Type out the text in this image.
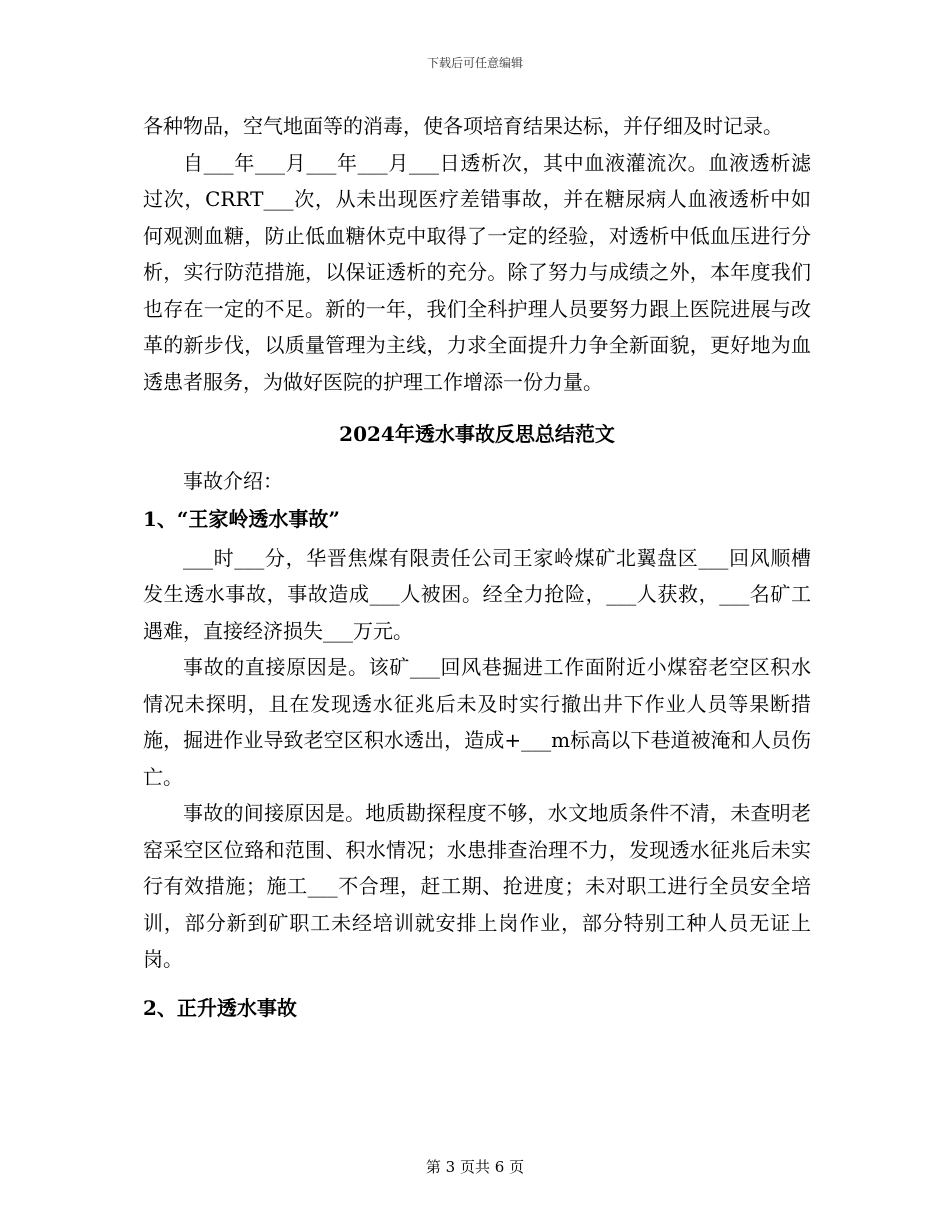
下载后可任意编辑

各种物品，空气地面等的消毒，使各项培育结果达标，并仔细及时记录。

自___年___月___年___月___日透析次，其中血液灌流次。血液透析滤过次，CRRT___次，从未出现医疗差错事故，并在糖尿病人血液透析中如何观测血糖，防止低血糖休克中取得了一定的经验，对透析中低血压进行分析，实行防范措施，以保证透析的充分。除了努力与成绩之外，本年度我们也存在一定的不足。新的一年，我们全科护理人员要努力跟上医院进展与改革的新步伐，以质量管理为主线，力求全面提升力争全新面貌，更好地为血透患者服务，为做好医院的护理工作增添一份力量。

2024年透水事故反思总结范文

事故介绍：

1、“王家岭透水事故”

___时___分，华晋焦煤有限责任公司王家岭煤矿北翼盘区___回风顺槽发生透水事故，事故造成___人被困。经全力抢险，___人获救，___名矿工遇难，直接经济损失___万元。

事故的直接原因是。该矿___回风巷掘进工作面附近小煤窑老空区积水情况未探明，且在发现透水征兆后未及时实行撤出井下作业人员等果断措施，掘进作业导致老空区积水透出，造成+___m标高以下巷道被淹和人员伤亡。

事故的间接原因是。地质勘探程度不够，水文地质条件不清，未查明老窑采空区位臵和范围、积水情况；水患排查治理不力，发现透水征兆后未实行有效措施；施工___不合理，赶工期、抢进度；未对职工进行全员安全培训，部分新到矿职工未经培训就安排上岗作业，部分特别工种人员无证上岗。

2、正升透水事故

第 3 页共 6 页
